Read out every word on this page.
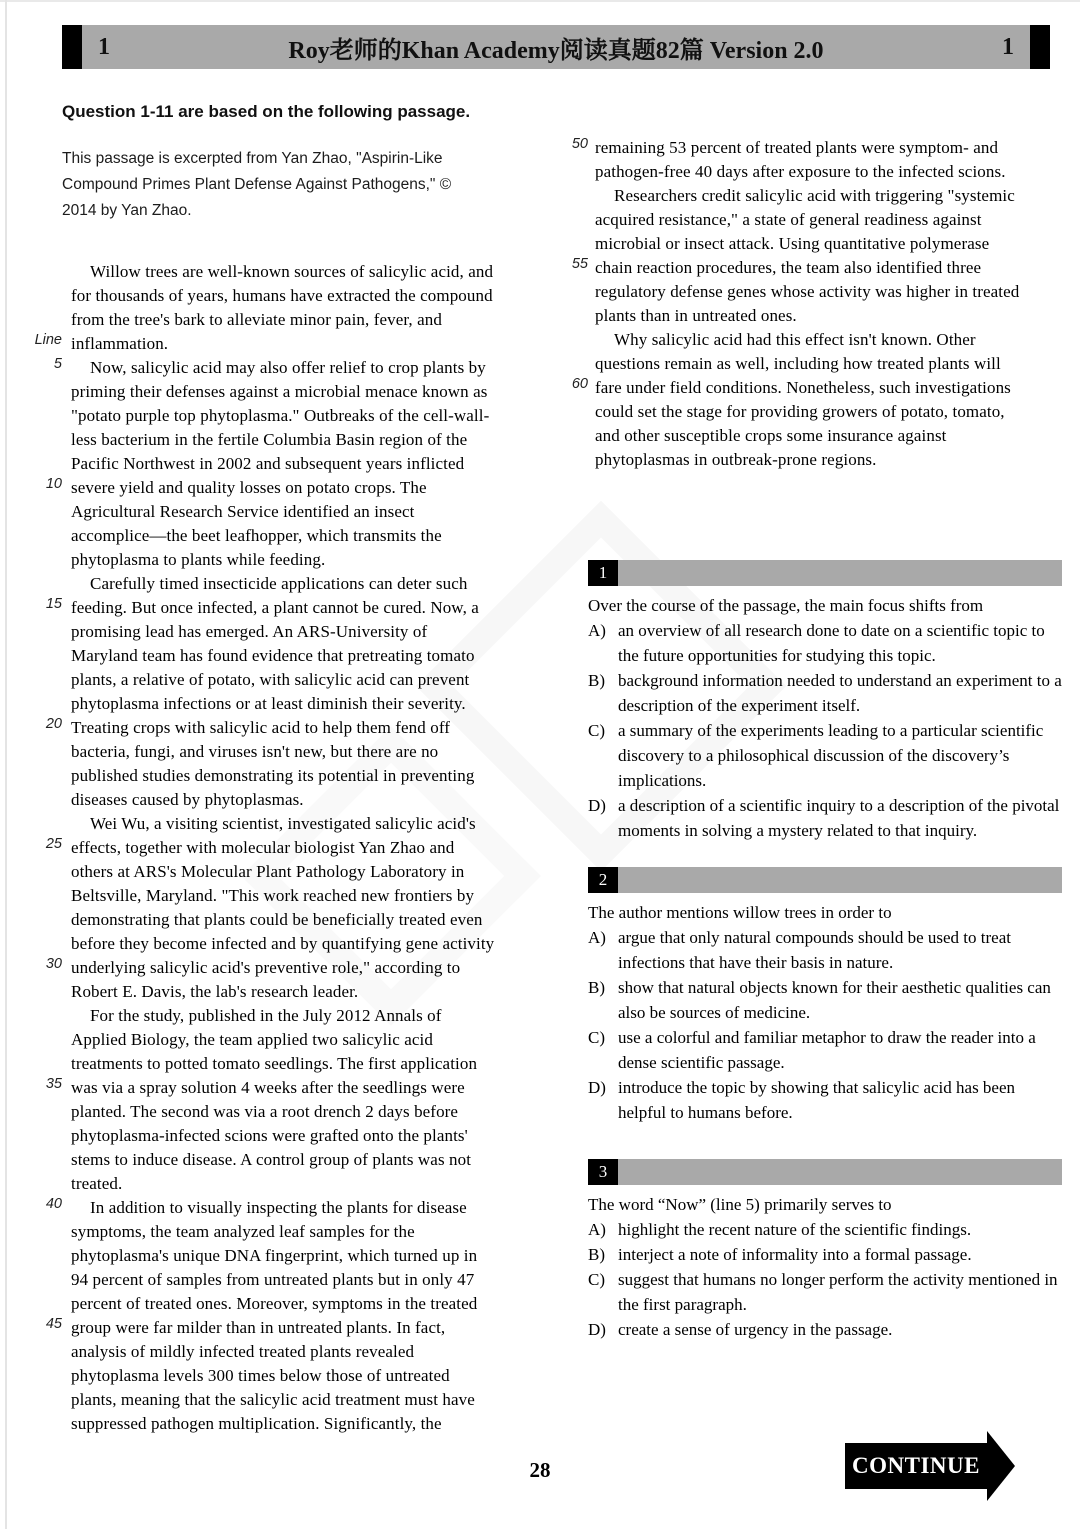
1	Roy老师的Khan Academy阅读真题82篇 Version 2.0	1
Question 1-11 are based on the following passage.
This passage is excerpted from Yan Zhao, "Aspirin-Like
Compound Primes Plant Defense Against Pathogens," ©
2014 by Yan Zhao.
Willow trees are well-known sources of salicylic acid, and
for thousands of years, humans have extracted the compound
from the tree's bark to alleviate minor pain, fever, and
Line inflammation.
5	Now, salicylic acid may also offer relief to crop plants by
priming their defenses against a microbial menace known as
"potato purple top phytoplasma." Outbreaks of the cell-wall-
less bacterium in the fertile Columbia Basin region of the
Pacific Northwest in 2002 and subsequent years inflicted
10 severe yield and quality losses on potato crops. The
Agricultural Research Service identified an insect
accomplice—the beet leafhopper, which transmits the
phytoplasma to plants while feeding.
Carefully timed insecticide applications can deter such
15 feeding. But once infected, a plant cannot be cured. Now, a
promising lead has emerged. An ARS-University of
Maryland team has found evidence that pretreating tomato
plants, a relative of potato, with salicylic acid can prevent
phytoplasma infections or at least diminish their severity.
20 Treating crops with salicylic acid to help them fend off
bacteria, fungi, and viruses isn't new, but there are no
published studies demonstrating its potential in preventing
diseases caused by phytoplasmas.
Wei Wu, a visiting scientist, investigated salicylic acid's
25 effects, together with molecular biologist Yan Zhao and
others at ARS's Molecular Plant Pathology Laboratory in
Beltsville, Maryland. "This work reached new frontiers by
demonstrating that plants could be beneficially treated even
before they become infected and by quantifying gene activity
30 underlying salicylic acid's preventive role," according to
Robert E. Davis, the lab's research leader.
For the study, published in the July 2012 Annals of
Applied Biology, the team applied two salicylic acid
treatments to potted tomato seedlings. The first application
35 was via a spray solution 4 weeks after the seedlings were
planted. The second was via a root drench 2 days before
phytoplasma-infected scions were grafted onto the plants'
stems to induce disease. A control group of plants was not
treated.
40	In addition to visually inspecting the plants for disease
symptoms, the team analyzed leaf samples for the
phytoplasma's unique DNA fingerprint, which turned up in
94 percent of samples from untreated plants but in only 47
percent of treated ones. Moreover, symptoms in the treated
45 group were far milder than in untreated plants. In fact,
analysis of mildly infected treated plants revealed
phytoplasma levels 300 times below those of untreated
plants, meaning that the salicylic acid treatment must have
suppressed pathogen multiplication. Significantly, the
50 remaining 53 percent of treated plants were symptom- and
pathogen-free 40 days after exposure to the infected scions.
Researchers credit salicylic acid with triggering "systemic
acquired resistance," a state of general readiness against
microbial or insect attack. Using quantitative polymerase
55 chain reaction procedures, the team also identified three
regulatory defense genes whose activity was higher in treated
plants than in untreated ones.
Why salicylic acid had this effect isn't known. Other
questions remain as well, including how treated plants will
60 fare under field conditions. Nonetheless, such investigations
could set the stage for providing growers of potato, tomato,
and other susceptible crops some insurance against
phytoplasmas in outbreak-prone regions.
1
Over the course of the passage, the main focus shifts from
A) an overview of all research done to date on a scientific topic to the future opportunities for studying this topic.
B) background information needed to understand an experiment to a description of the experiment itself.
C) a summary of the experiments leading to a particular scientific discovery to a philosophical discussion of the discovery’s implications.
D) a description of a scientific inquiry to a description of the pivotal moments in solving a mystery related to that inquiry.
2
The author mentions willow trees in order to
A) argue that only natural compounds should be used to treat infections that have their basis in nature.
B) show that natural objects known for their aesthetic qualities can also be sources of medicine.
C) use a colorful and familiar metaphor to draw the reader into a dense scientific passage.
D) introduce the topic by showing that salicylic acid has been helpful to humans before.
3
The word “Now” (line 5) primarily serves to
A) highlight the recent nature of the scientific findings.
B) interject a note of informality into a formal passage.
C) suggest that humans no longer perform the activity mentioned in the first paragraph.
D) create a sense of urgency in the passage.
28	CONTINUE
